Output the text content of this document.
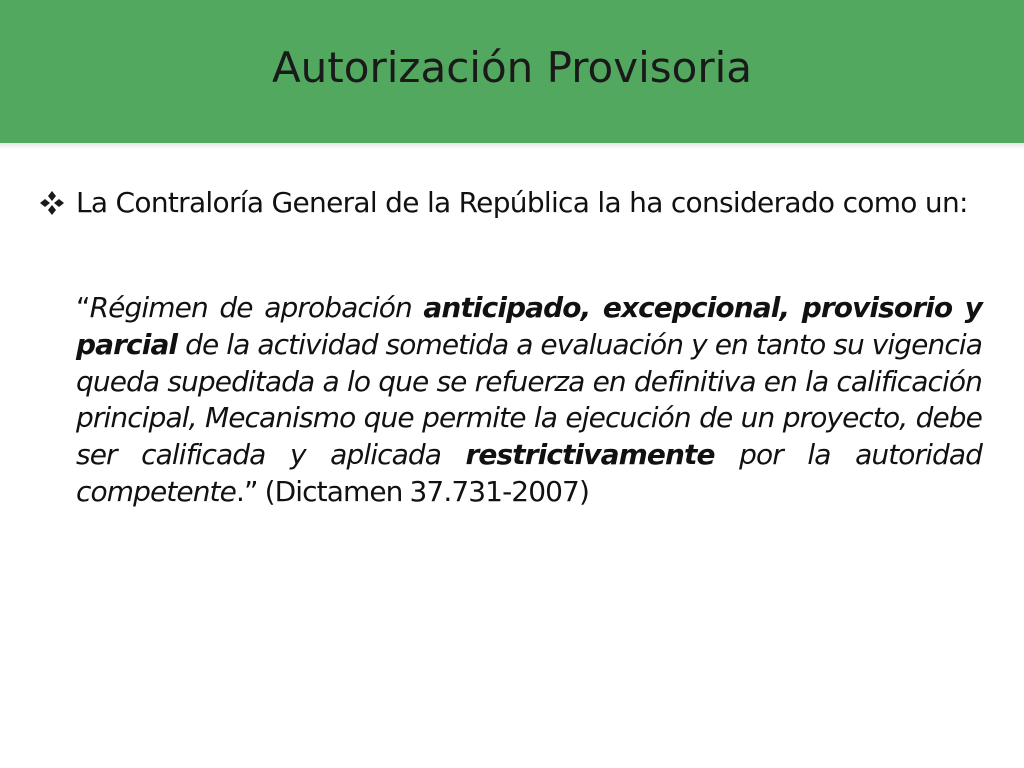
Autorización Provisoria

La Contraloría General de la República la ha considerado como un:

“Régimen de aprobación anticipado, excepcional, provisorio y parcial de la actividad sometida a evaluación y en tanto su vigencia queda supeditada a lo que se refuerza en definitiva en la calificación principal, Mecanismo que permite la ejecución de un proyecto, debe ser calificada y aplicada restrictivamente por la autoridad competente.” (Dictamen 37.731-2007)
